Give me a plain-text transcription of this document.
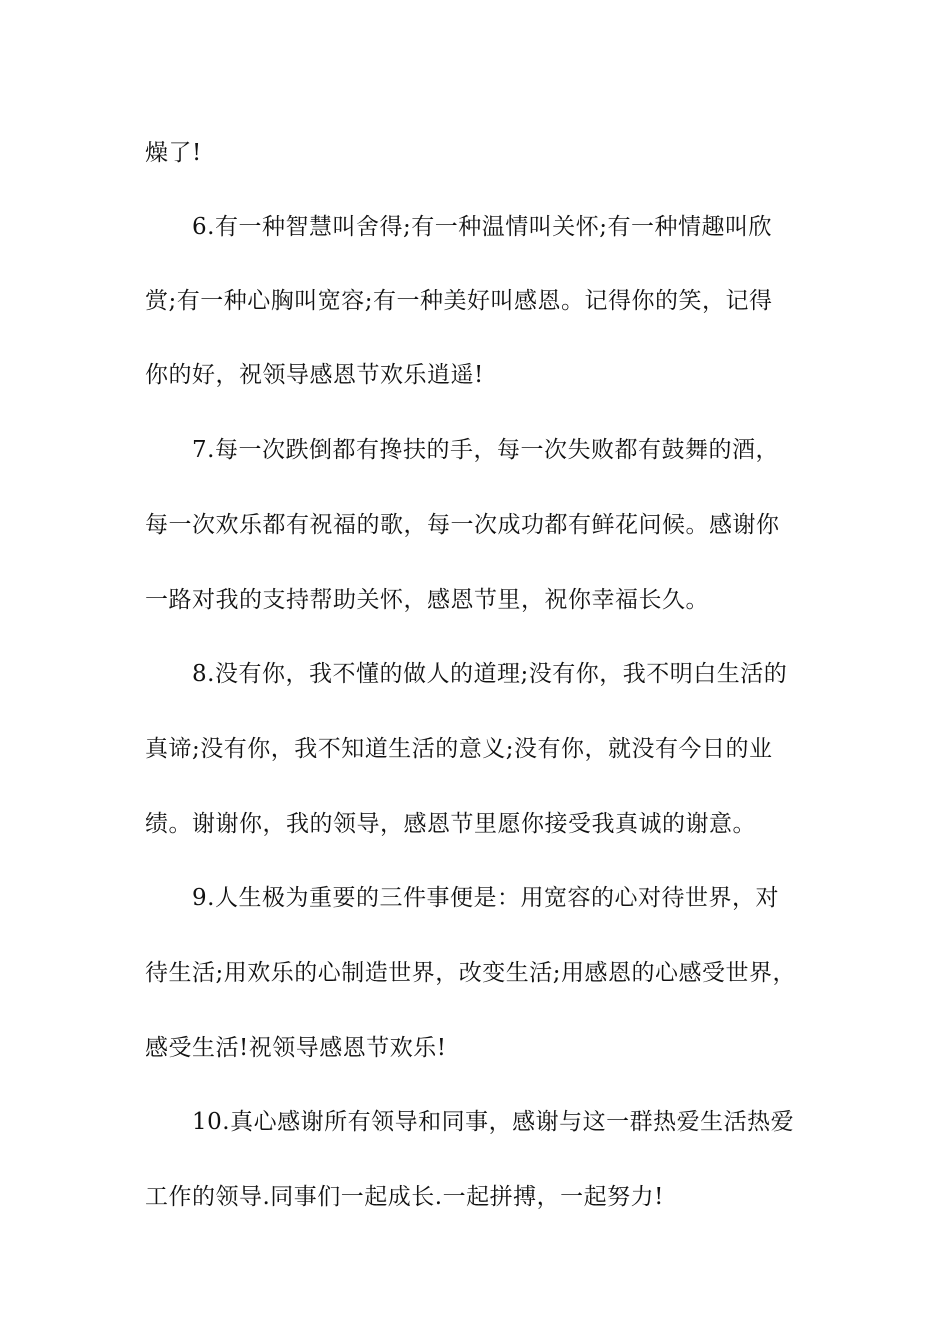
燥了!
6.有一种智慧叫舍得;有一种温情叫关怀;有一种情趣叫欣
赏;有一种心胸叫宽容;有一种美好叫感恩。记得你的笑，记得
你的好，祝领导感恩节欢乐逍遥!
7.每一次跌倒都有搀扶的手，每一次失败都有鼓舞的酒，
每一次欢乐都有祝福的歌，每一次成功都有鲜花问候。感谢你
一路对我的支持帮助关怀，感恩节里，祝你幸福长久。
8.没有你，我不懂的做人的道理;没有你，我不明白生活的
真谛;没有你，我不知道生活的意义;没有你，就没有今日的业
绩。谢谢你，我的领导，感恩节里愿你接受我真诚的谢意。
9.人生极为重要的三件事便是：用宽容的心对待世界，对
待生活;用欢乐的心制造世界，改变生活;用感恩的心感受世界，
感受生活!祝领导感恩节欢乐!
10.真心感谢所有领导和同事，感谢与这一群热爱生活热爱
工作的领导.同事们一起成长.一起拼搏，一起努力!
